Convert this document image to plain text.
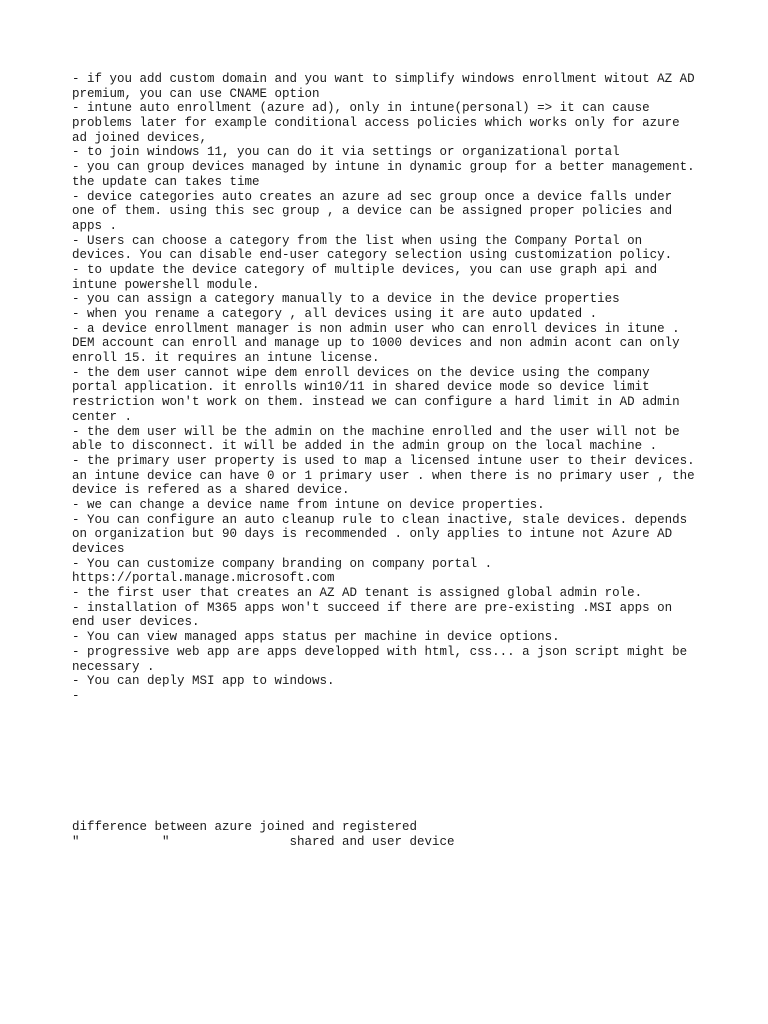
- if you add custom domain and you want to simplify windows enrollment witout AZ AD
premium, you can use CNAME option
- intune auto enrollment (azure ad), only in intune(personal) => it can cause
problems later for example conditional access policies which works only for azure
ad joined devices,
- to join windows 11, you can do it via settings or organizational portal
- you can group devices managed by intune in dynamic group for a better management.
the update can takes time
- device categories auto creates an azure ad sec group once a device falls under
one of them. using this sec group , a device can be assigned proper policies and
apps .
- Users can choose a category from the list when using the Company Portal on
devices. You can disable end-user category selection using customization policy.
- to update the device category of multiple devices, you can use graph api and
intune powershell module.
- you can assign a category manually to a device in the device properties
- when you rename a category , all devices using it are auto updated .
- a device enrollment manager is non admin user who can enroll devices in itune .
DEM account can enroll and manage up to 1000 devices and non admin acont can only
enroll 15. it requires an intune license.
- the dem user cannot wipe dem enroll devices on the device using the company
portal application. it enrolls win10/11 in shared device mode so device limit
restriction won't work on them. instead we can configure a hard limit in AD admin
center .
- the dem user will be the admin on the machine enrolled and the user will not be
able to disconnect. it will be added in the admin group on the local machine .
- the primary user property is used to map a licensed intune user to their devices.
an intune device can have 0 or 1 primary user . when there is no primary user , the
device is refered as a shared device.
- we can change a device name from intune on device properties.
- You can configure an auto cleanup rule to clean inactive, stale devices. depends
on organization but 90 days is recommended . only applies to intune not Azure AD
devices
- You can customize company branding on company portal .
https://portal.manage.microsoft.com
- the first user that creates an AZ AD tenant is assigned global admin role.
- installation of M365 apps won't succeed if there are pre-existing .MSI apps on
end user devices.
- You can view managed apps status per machine in device options.
- progressive web app are apps developped with html, css... a json script might be
necessary .
- You can deply MSI app to windows.
-
difference between azure joined and registered
"           "                shared and user device
